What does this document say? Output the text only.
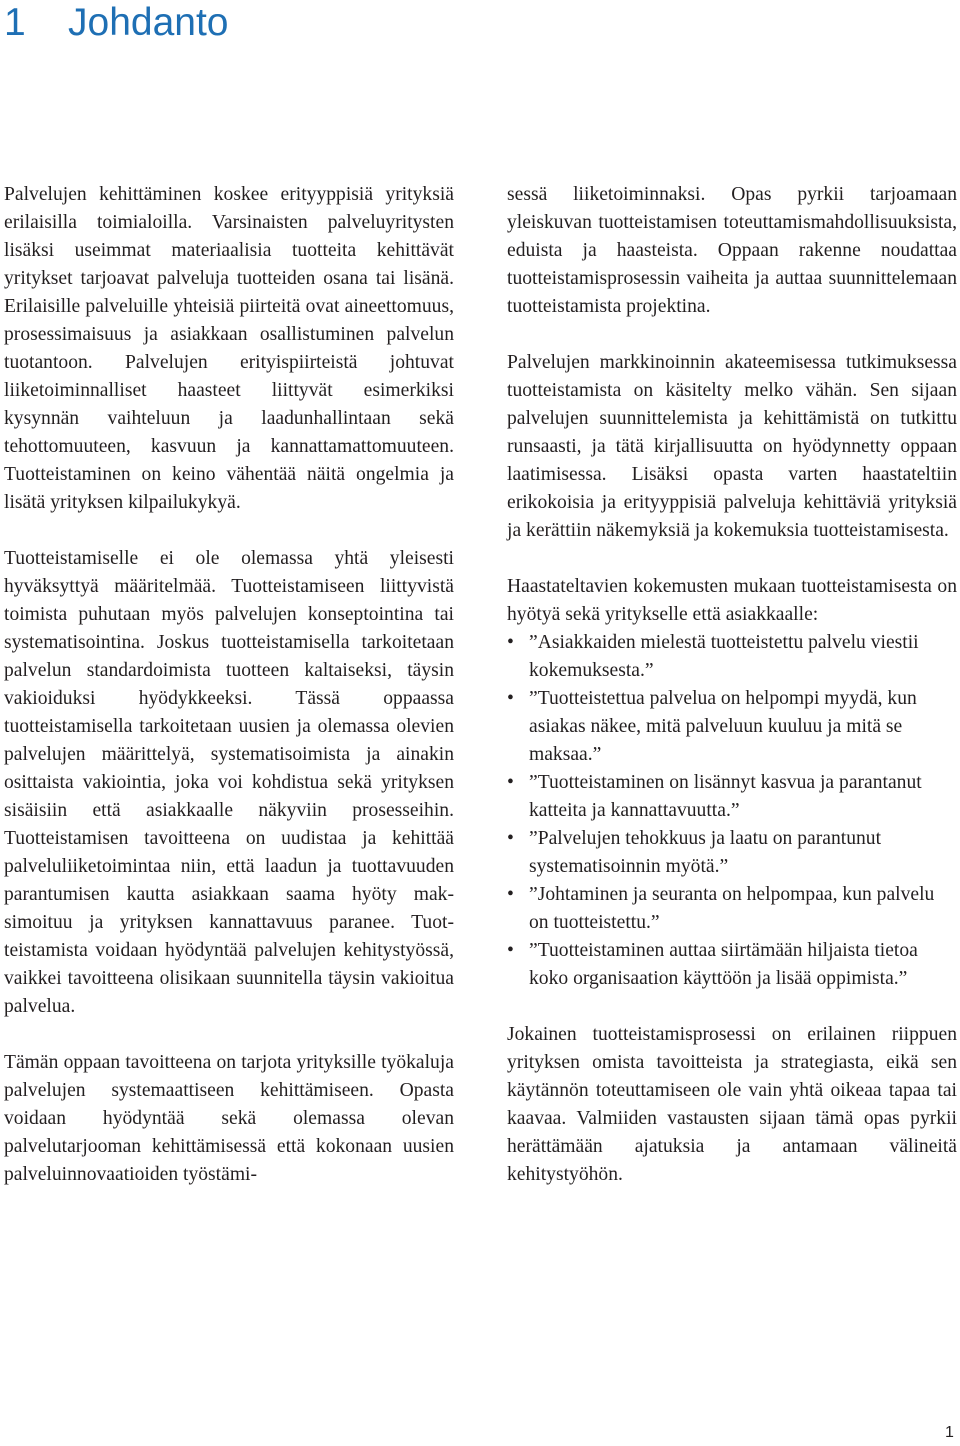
1 Johdanto

Palvelujen kehittäminen koskee erityyppisiä yrityksiä erilaisilla toimialoilla. Varsinaisten palveluyritysten lisäksi useimmat materiaalisia tuotteita kehittävät yritykset tarjoavat palveluja tuotteiden osana tai lisänä. Erilaisille palveluille yhteisiä piirteitä ovat aineettomuus, prosessimaisuus ja asiakkaan osallistuminen palvelun tuotantoon. Palvelujen erityispiirteistä johtuvat liiketoiminnalliset haasteet liittyvät esimerkiksi kysynnän vaihteluun ja laadunhallintaan sekä tehottomuuteen, kasvuun ja kannattamattomuuteen. Tuotteistaminen on keino vähentää näitä ongelmia ja lisätä yrityksen kilpailukykyä.

Tuotteistamiselle ei ole olemassa yhtä yleisesti hyväksyttyä määritelmää. Tuotteistamiseen liittyvistä toimista puhutaan myös palvelujen konseptointina tai systematisointina. Joskus tuotteistamisella tarkoitetaan palvelun standardoimista tuotteen kaltaiseksi, täysin vakioiduksi hyödykkeeksi. Tässä oppaassa tuotteistamisella tarkoitetaan uusien ja olemassa olevien palvelujen määrittelyä, systematisoimista ja ainakin osittaista vakiointia, joka voi kohdistua sekä yrityksen sisäisiin että asiakkaalle näkyviin prosesseihin. Tuotteistamisen tavoitteena on uudistaa ja kehittää palveluliiketoimintaa niin, että laadun ja tuottavuuden parantumisen kautta asiakkaan saama hyöty maksimoituu ja yrityksen kannattavuus paranee. Tuotteistamista voidaan hyödyntää palvelujen kehitystyössä, vaikkei tavoitteena olisikaan suunnitella täysin vakioitua palvelua.

Tämän oppaan tavoitteena on tarjota yrityksille työkaluja palvelujen systemaattiseen kehittämiseen. Opasta voidaan hyödyntää sekä olemassa olevan palvelutarjooman kehittämisessä että kokonaan uusien palveluinnovaatioiden työstämi-

sessä liiketoiminnaksi. Opas pyrkii tarjoamaan yleiskuvan tuotteistamisen toteuttamismahdollisuuksista, eduista ja haasteista. Oppaan rakenne noudattaa tuotteistamisprosessin vaiheita ja auttaa suunnittelemaan tuotteistamista projektina.

Palvelujen markkinoinnin akateemisessa tutkimuksessa tuotteistamista on käsitelty melko vähän. Sen sijaan palvelujen suunnittelemista ja kehittämistä on tutkittu runsaasti, ja tätä kirjallisuutta on hyödynnetty oppaan laatimisessa. Lisäksi opasta varten haastateltiin erikokoisia ja erityyppisiä palveluja kehittäviä yrityksiä ja kerättiin näkemyksiä ja kokemuksia tuotteistamisesta.

Haastateltavien kokemusten mukaan tuotteistamisesta on hyötyä sekä yritykselle että asiakkaalle:

• ”Asiakkaiden mielestä tuotteistettu palvelu viestii kokemuksesta.”
• ”Tuotteistettua palvelua on helpompi myydä, kun asiakas näkee, mitä palveluun kuuluu ja mitä se maksaa.”
• ”Tuotteistaminen on lisännyt kasvua ja parantanut katteita ja kannattavuutta.”
• ”Palvelujen tehokkuus ja laatu on parantunut systematisoinnin myötä.”
• ”Johtaminen ja seuranta on helpompaa, kun palvelu on tuotteistettu.”
• ”Tuotteistaminen auttaa siirtämään hiljaista tietoa koko organisaation käyttöön ja lisää oppimista.”

Jokainen tuotteistamisprosessi on erilainen riippuen yrityksen omista tavoitteista ja strategiasta, eikä sen käytännön toteuttamiseen ole vain yhtä oikeaa tapaa tai kaavaa. Valmiiden vastausten sijaan tämä opas pyrkii herättämään ajatuksia ja antamaan välineitä kehitystyöhön.

1
